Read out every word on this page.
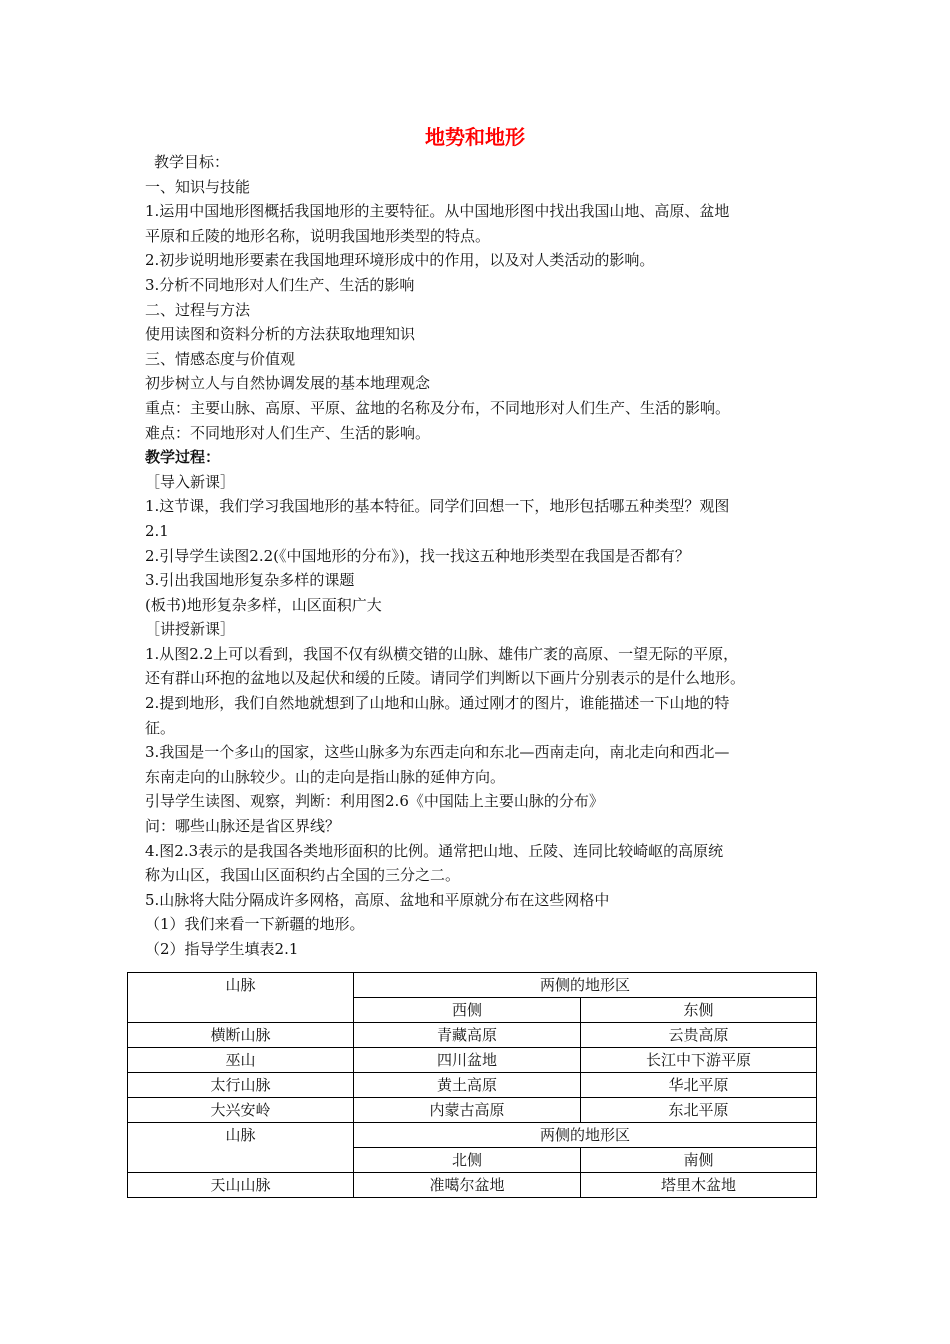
地势和地形
教学目标：
一、知识与技能
1.运用中国地形图概括我国地形的主要特征。从中国地形图中找出我国山地、高原、盆地
平原和丘陵的地形名称，说明我国地形类型的特点。
2.初步说明地形要素在我国地理环境形成中的作用，以及对人类活动的影响。
3.分析不同地形对人们生产、生活的影响
二、过程与方法
使用读图和资料分析的方法获取地理知识
三、情感态度与价值观
初步树立人与自然协调发展的基本地理观念
重点：主要山脉、高原、平原、盆地的名称及分布，不同地形对人们生产、生活的影响。
难点：不同地形对人们生产、生活的影响。
教学过程：
［导入新课］
1.这节课，我们学习我国地形的基本特征。同学们回想一下，地形包括哪五种类型？观图
2.1
2.引导学生读图2.2(《中国地形的分布》)，找一找这五种地形类型在我国是否都有？
3.引出我国地形复杂多样的课题
(板书)地形复杂多样，山区面积广大
［讲授新课］
1.从图2.2上可以看到，我国不仅有纵横交错的山脉、雄伟广袤的高原、一望无际的平原，
还有群山环抱的盆地以及起伏和缓的丘陵。请同学们判断以下画片分别表示的是什么地形。
2.提到地形，我们自然地就想到了山地和山脉。通过刚才的图片，谁能描述一下山地的特
征。
3.我国是一个多山的国家，这些山脉多为东西走向和东北—西南走向，南北走向和西北—
东南走向的山脉较少。山的走向是指山脉的延伸方向。
引导学生读图、观察，判断：利用图2.6《中国陆上主要山脉的分布》
问：哪些山脉还是省区界线？
4.图2.3表示的是我国各类地形面积的比例。通常把山地、丘陵、连同比较崎岖的高原统
称为山区，我国山区面积约占全国的三分之二。
5.山脉将大陆分隔成许多网格，高原、盆地和平原就分布在这些网格中
（1）我们来看一下新疆的地形。
（2）指导学生填表2.1
山脉	两侧的地形区	
	西侧	东侧
横断山脉	青藏高原	云贵高原
巫山	四川盆地	长江中下游平原
太行山脉	黄土高原	华北平原
大兴安岭	内蒙古高原	东北平原
山脉	两侧的地形区	
	北侧	南侧
天山山脉	准噶尔盆地	塔里木盆地
